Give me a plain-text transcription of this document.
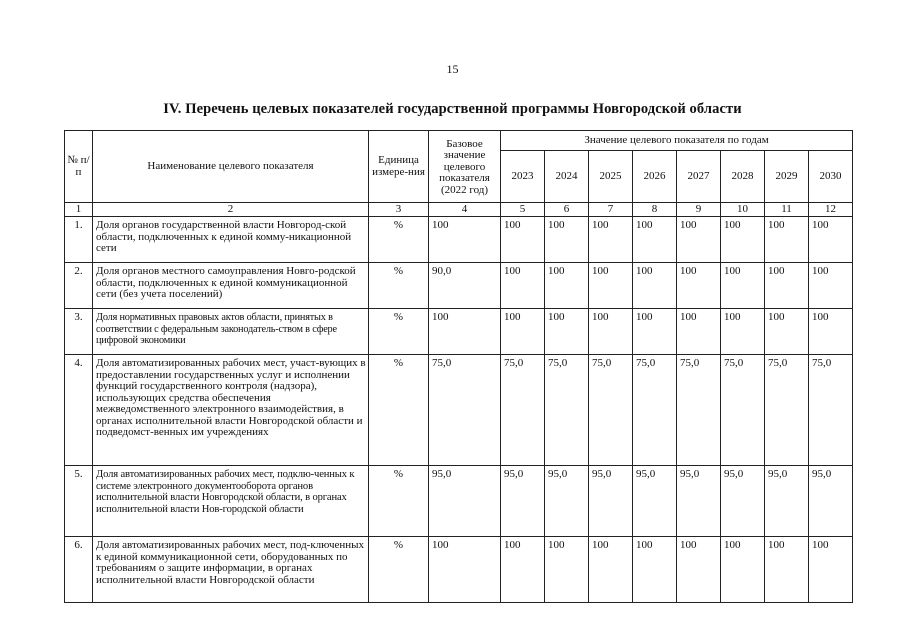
15
IV. Перечень целевых показателей государственной программы Новгородской области
№ п/п	Наименование целевого показателя	Единица измере-ния	Базовое значение целевого показателя (2022 год)	Значение целевого показателя по годам							
				2023	2024	2025	2026	2027	2028	2029	2030
1	2	3	4	5	6	7	8	9	10	11	12
1.	Доля органов государственной власти Новгород-ской области, подключенных к единой комму-никационной сети	%	100	100	100	100	100	100	100	100	100
2.	Доля органов местного самоуправления Новго-родской области, подключенных к единой коммуникационной сети (без учета поселений)	%	90,0	100	100	100	100	100	100	100	100
3.	Доля нормативных правовых актов области, принятых в соответствии с федеральным законодатель-ством в сфере цифровой экономики	%	100	100	100	100	100	100	100	100	100
4.	Доля автоматизированных рабочих мест, участ-вующих в предоставлении государственных услуг и исполнении функций государственного контроля (надзора), использующих средства обеспечения межведомственного электронного взаимодействия, в органах исполнительной власти Новгородской области и подведомст-венных им учреждениях	%	75,0	75,0	75,0	75,0	75,0	75,0	75,0	75,0	75,0
5.	Доля автоматизированных рабочих мест, подклю-ченных к системе электронного документооборота органов исполнительной власти Новгородской области, в органах исполнительной власти Нов-городской области	%	95,0	95,0	95,0	95,0	95,0	95,0	95,0	95,0	95,0
6.	Доля автоматизированных рабочих мест, под-ключенных к единой коммуникационной сети, оборудованных по требованиям о защите информации, в органах исполнительной власти Новгородской области	%	100	100	100	100	100	100	100	100	100
